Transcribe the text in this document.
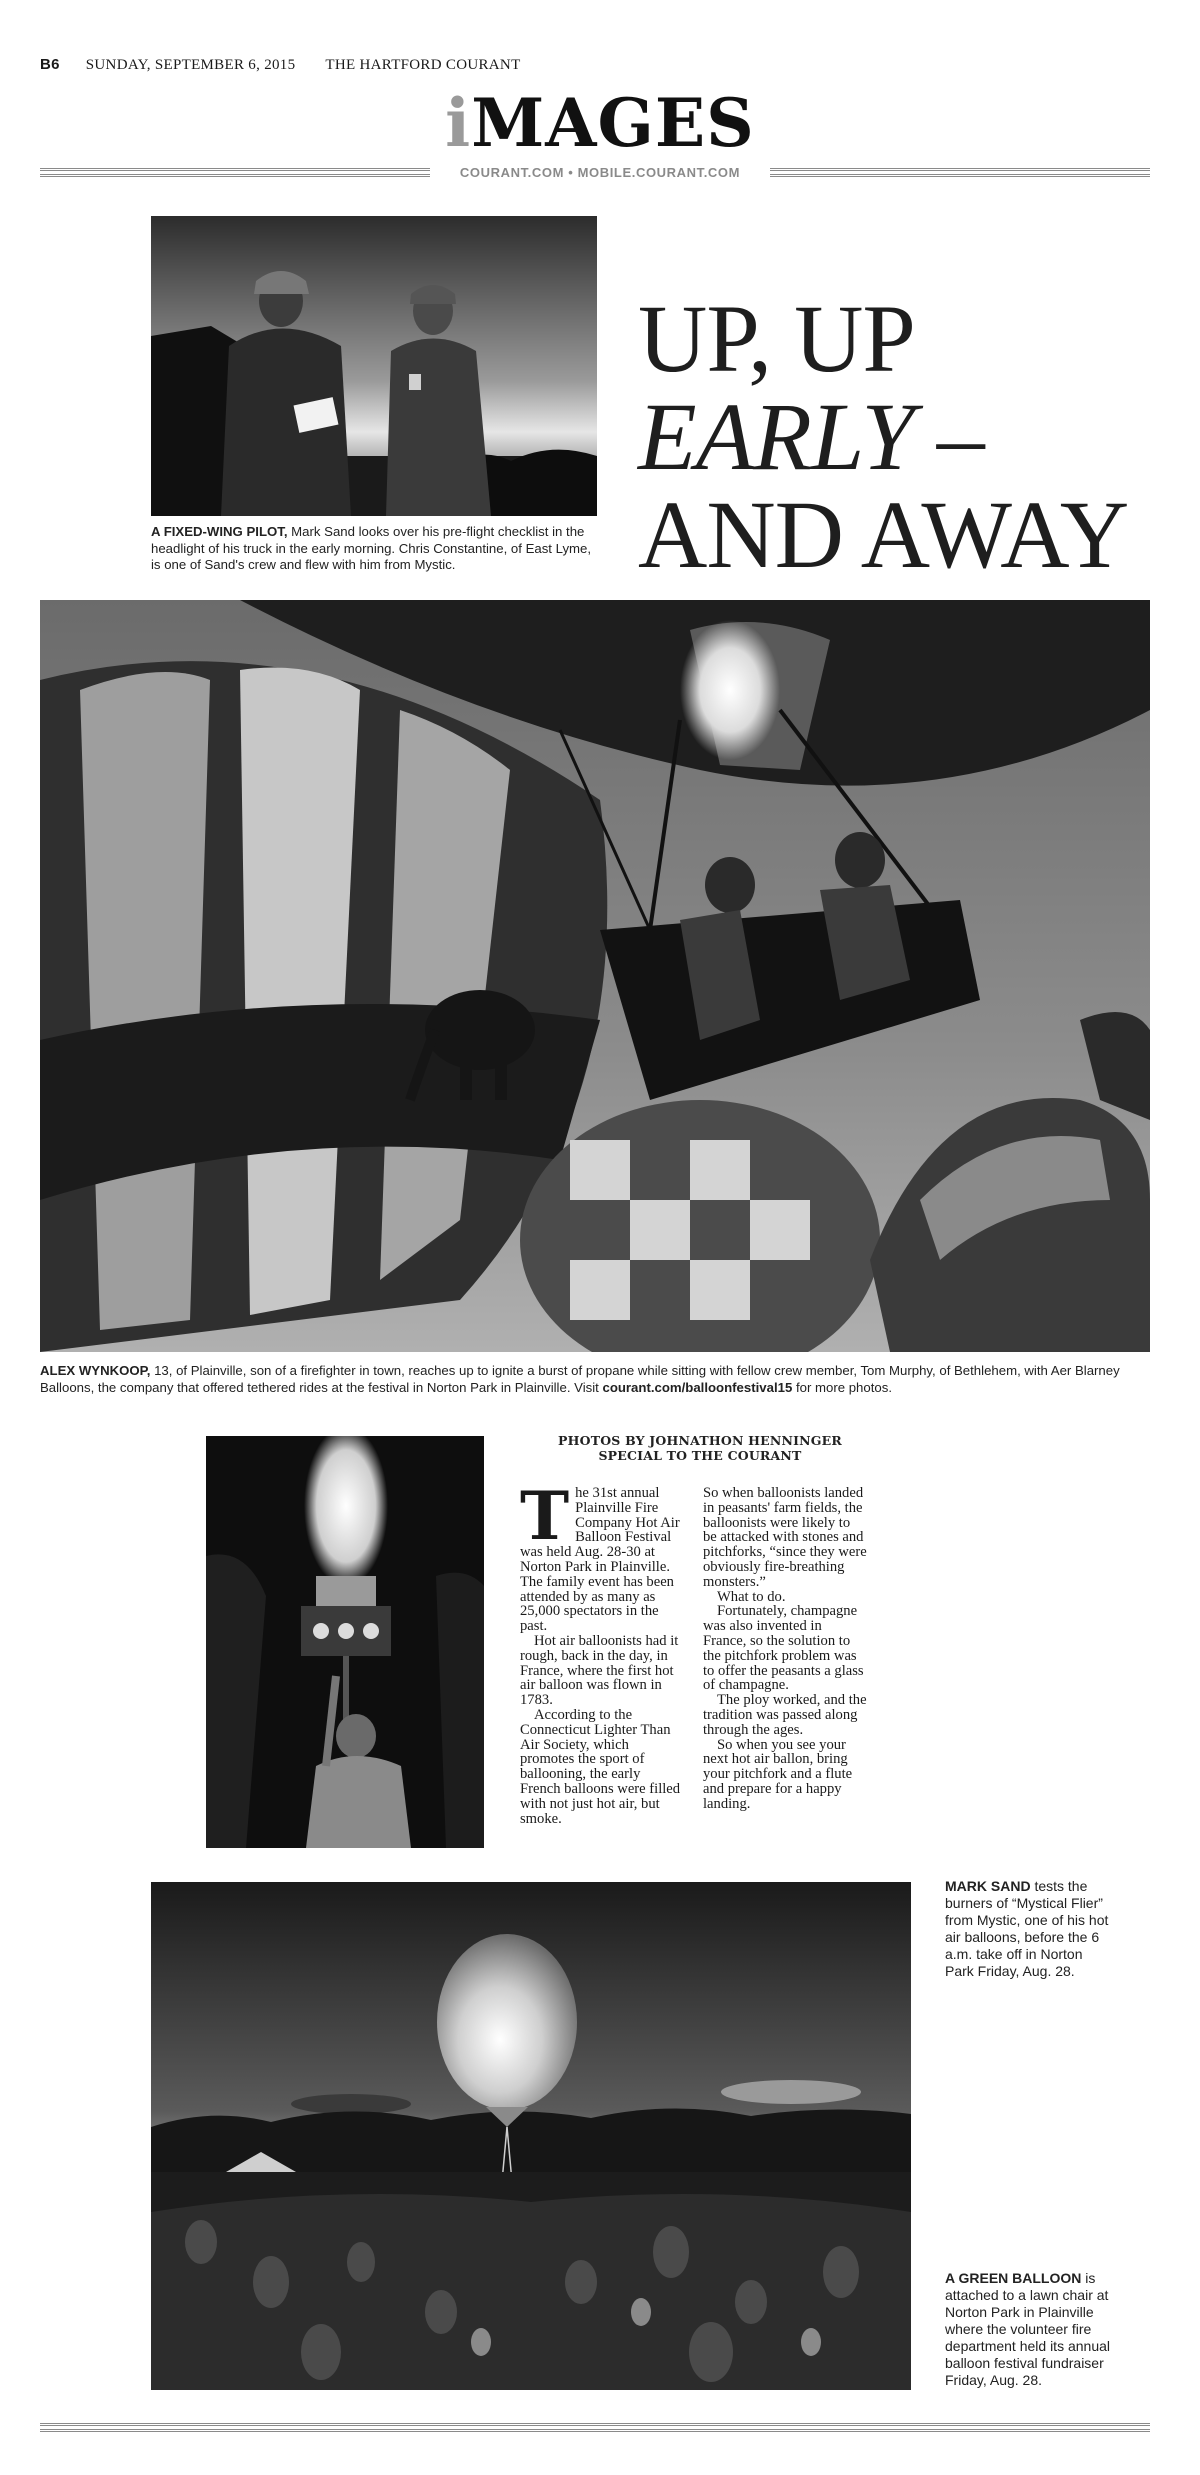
B6 SUNDAY, SEPTEMBER 6, 2015 THE HARTFORD COURANT
iMAGES
COURANT.COM • MOBILE.COURANT.COM
A FIXED-WING PILOT, Mark Sand looks over his pre-flight checklist in the headlight of his truck in the early morning. Chris Constantine, of East Lyme, is one of Sand's crew and flew with him from Mystic.
UP, UP
EARLY –
AND AWAY
ALEX WYNKOOP, 13, of Plainville, son of a firefighter in town, reaches up to ignite a burst of propane while sitting with fellow crew member, Tom Murphy, of Bethlehem, with Aer Blarney Balloons, the company that offered tethered rides at the festival in Norton Park in Plainville. Visit courant.com/balloonfestival15 for more photos.
PHOTOS BY JOHNATHON HENNINGER
SPECIAL TO THE COURANT
T he 31st annual Plainville Fire Company Hot Air Balloon Festival was held Aug. 28-30 at Norton Park in Plainville. The family event has been attended by as many as 25,000 spectators in the past.

Hot air balloonists had it rough, back in the day, in France, where the first hot air balloon was flown in 1783.

According to the Connecticut Lighter Than Air Society, which promotes the sport of ballooning, the early French balloons were filled with not just hot air, but smoke.

So when balloonists landed in peasants' farm fields, the balloonists were likely to be attacked with stones and pitchforks, “since they were obviously fire-breathing monsters.”

What to do.

Fortunately, champagne was also invented in France, so the solution to the pitchfork problem was to offer the peasants a glass of champagne.

The ploy worked, and the tradition was passed along through the ages.

So when you see your next hot air ballon, bring your pitchfork and a flute and prepare for a happy landing.

MARK SAND tests the burners of “Mystical Flier” from Mystic, one of his hot air balloons, before the 6 a.m. take off in Norton Park Friday, Aug. 28.
A GREEN BALLOON is attached to a lawn chair at Norton Park in Plainville where the volunteer fire department held its annual balloon festival fundraiser Friday, Aug. 28.
